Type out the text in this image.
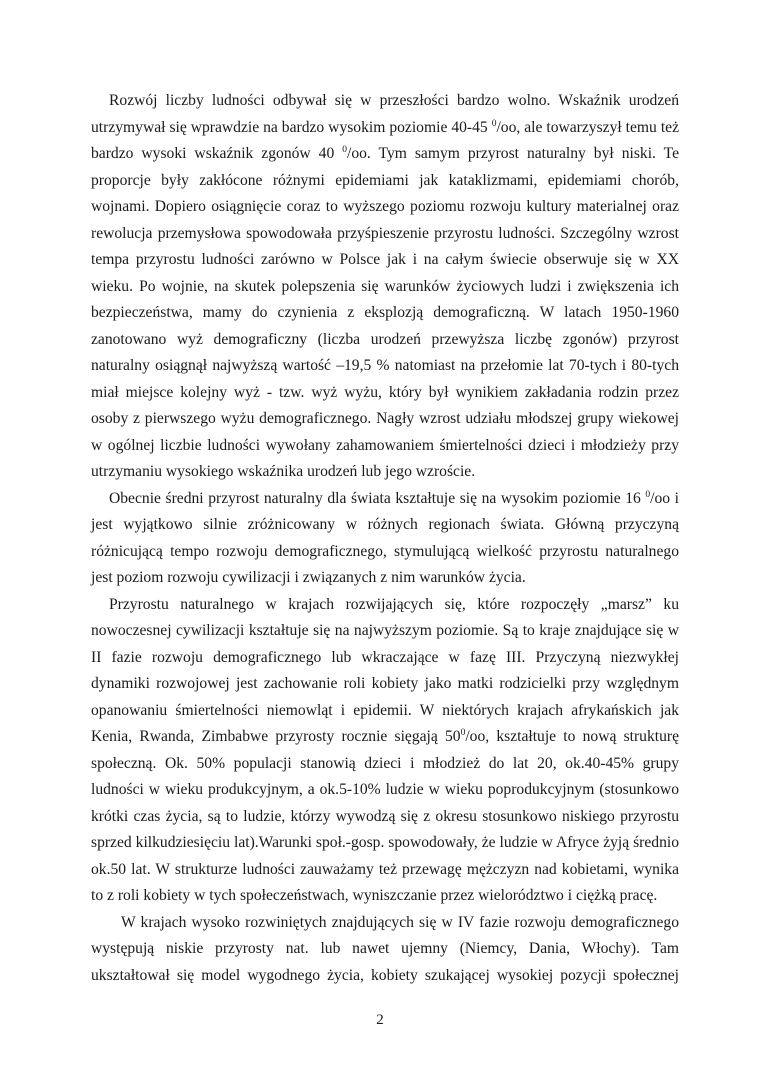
Rozwój liczby ludności odbywał się w przeszłości bardzo wolno. Wskaźnik urodzeń utrzymywał się wprawdzie na bardzo wysokim poziomie 40-45 $^0$/oo, ale towarzyszył temu też bardzo wysoki wskaźnik zgonów 40 $^0$/oo. Tym samym przyrost naturalny był niski. Te proporcje były zakłócone różnymi epidemiami jak kataklizmami, epidemiami chorób, wojnami. Dopiero osiągnięcie coraz to wyższego poziomu rozwoju kultury materialnej oraz rewolucja przemysłowa spowodowała przyśpieszenie przyrostu ludności. Szczególny wzrost tempa przyrostu ludności zarówno w Polsce jak i na całym świecie obserwuje się w XX wieku. Po wojnie, na skutek polepszenia się warunków życiowych ludzi i zwiększenia ich bezpieczeństwa, mamy do czynienia z eksplozją demograficzną. W latach 1950-1960 zanotowano wyż demograficzny (liczba urodzeń przewyższa liczbę zgonów) przyrost naturalny osiągnął najwyższą wartość –19,5 % natomiast na przełomie lat 70-tych i 80-tych miał miejsce kolejny wyż - tzw. wyż wyżu, który był wynikiem zakładania rodzin przez osoby z pierwszego wyżu demograficznego. Nagły wzrost udziału młodszej grupy wiekowej w ogólnej liczbie ludności wywołany zahamowaniem śmiertelności dzieci i młodzieży przy utrzymaniu wysokiego wskaźnika urodzeń lub jego wzroście.

Obecnie średni przyrost naturalny dla świata kształtuje się na wysokim poziomie 16 $^0$/oo i jest wyjątkowo silnie zróżnicowany w różnych regionach świata. Główną przyczyną różnicującą tempo rozwoju demograficznego, stymulującą wielkość przyrostu naturalnego jest poziom rozwoju cywilizacji i związanych z nim warunków życia.

Przyrostu naturalnego w krajach rozwijających się, które rozpoczęły „marsz” ku nowoczesnej cywilizacji kształtuje się na najwyższym poziomie. Są to kraje znajdujące się w II fazie rozwoju demograficznego lub wkraczające w fazę III. Przyczyną niezwykłej dynamiki rozwojowej jest zachowanie roli kobiety jako matki rodzicielki przy względnym opanowaniu śmiertelności niemowląt i epidemii. W niektórych krajach afrykańskich jak Kenia, Rwanda, Zimbabwe przyrosty rocznie sięgają $50^0/oo$, kształtuje to nową strukturę społeczną. Ok. 50% populacji stanowią dzieci i młodzież do lat 20, ok.40-45% grupy ludności w wieku produkcyjnym, a ok.5-10% ludzie w wieku poprodukcyjnym (stosunkowo krótki czas życia, są to ludzie, którzy wywodzą się z okresu stosunkowo niskiego przyrostu sprzed kilkudziesięciu lat).Warunki społ.-gosp. spowodowały, że ludzie w Afryce żyją średnio ok.50 lat. W strukturze ludności zauważamy też przewagę mężczyzn nad kobietami, wynika to z roli kobiety w tych społeczeństwach, wyniszczanie przez wielorództwo i ciężką pracę.

W krajach wysoko rozwiniętych znajdujących się w IV fazie rozwoju demograficznego występują niskie przyrosty nat. lub nawet ujemny (Niemcy, Dania, Włochy). Tam ukształtował się model wygodnego życia, kobiety szukającej wysokiej pozycji społecznej

2
